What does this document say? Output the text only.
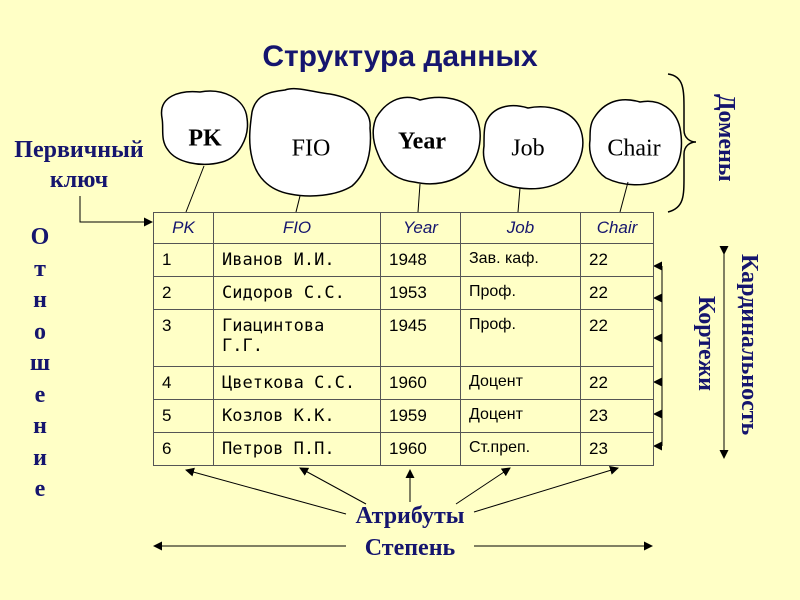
Структура данных
PK	FIO	Year	Job	Chair Домены
Первичный
ключ
О
т
н
о
ш
е
н
и
е
PK	FIO	Year	Job	Chair
1	Иванов И.И.	1948	Зав. каф.	22
2	Сидоров С.С.	1953	Проф.	22
3	Гиацинтова Г.Г.	1945	Проф.	22
4	Цветкова С.С.	1960	Доцент	22
5	Козлов К.К.	1959	Доцент	23
6	Петров П.П.	1960	Ст.преп.	23
Кардинальность
Кортежи
Атрибуты
Степень
